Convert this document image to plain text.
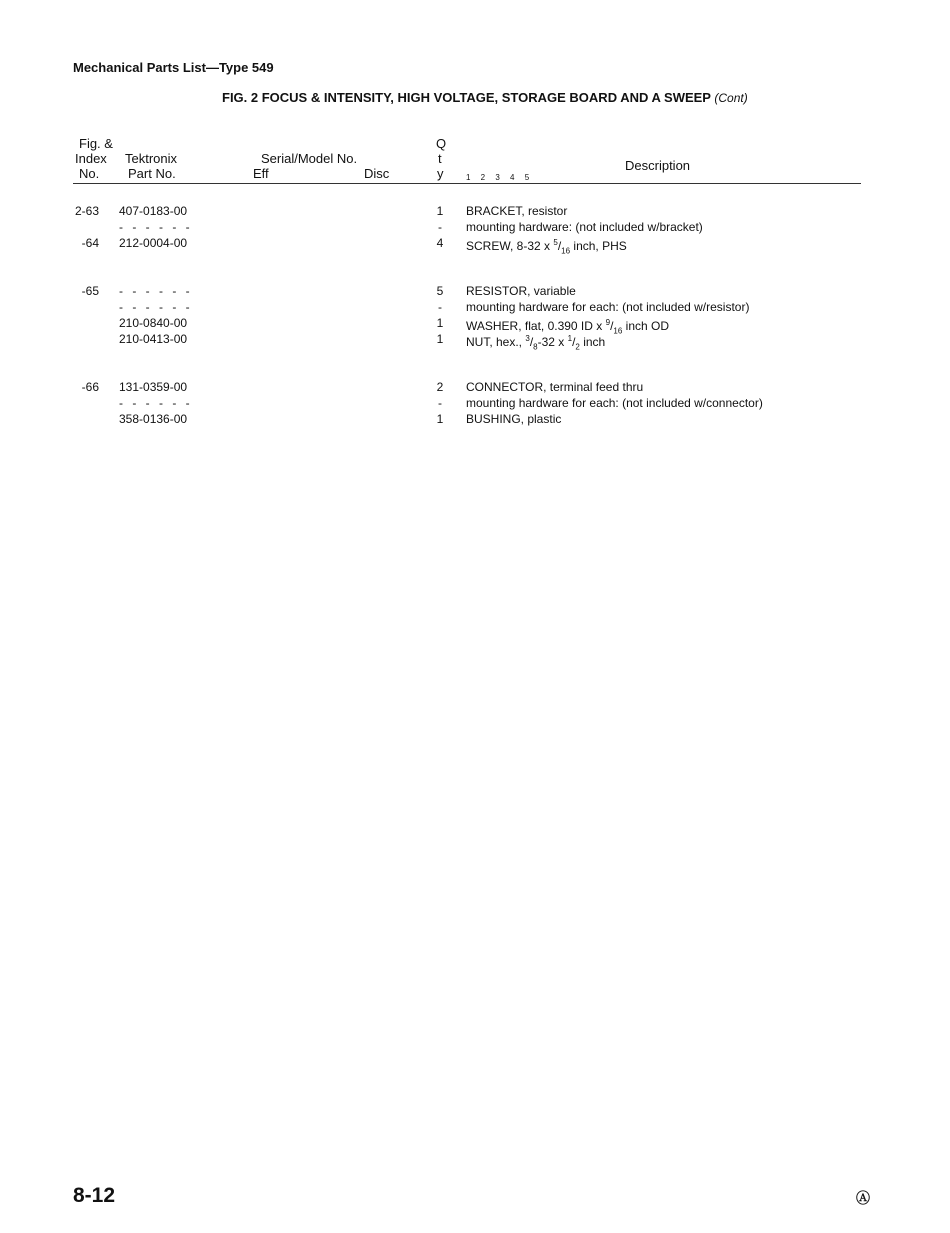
Mechanical Parts List—Type 549
FIG. 2 FOCUS & INTENSITY, HIGH VOLTAGE, STORAGE BOARD AND A SWEEP (Cont)
Fig. &
Index
No.
Tektronix
Part No.
Serial/Model No.
Eff	Disc
Q
t
y	1 2 3 4 5
Description
2-63 407-0183-00	1	BRACKET, resistor
- - - - - -	-	mounting hardware: (not included w/bracket)
-64 212-0004-00	4	SCREW, 8-32 x $^5/_{16}$ inch, PHS
-65 - - - - - -	5	RESISTOR, variable
- - - - - -	-	mounting hardware for each: (not included w/resistor)
210-0840-00	1	WASHER, flat, 0.390 ID x $^9/_{16}$ inch OD
210-0413-00	1	NUT, hex., $^3/_8-32$ x $^1/_2$ inch
-66 131-0359-00	2	CONNECTOR, terminal feed thru
- - - - - -	-	mounting hardware for each: (not included w/connector)
358-0136-00	1	BUSHING, plastic
8-12	Ⓐ
